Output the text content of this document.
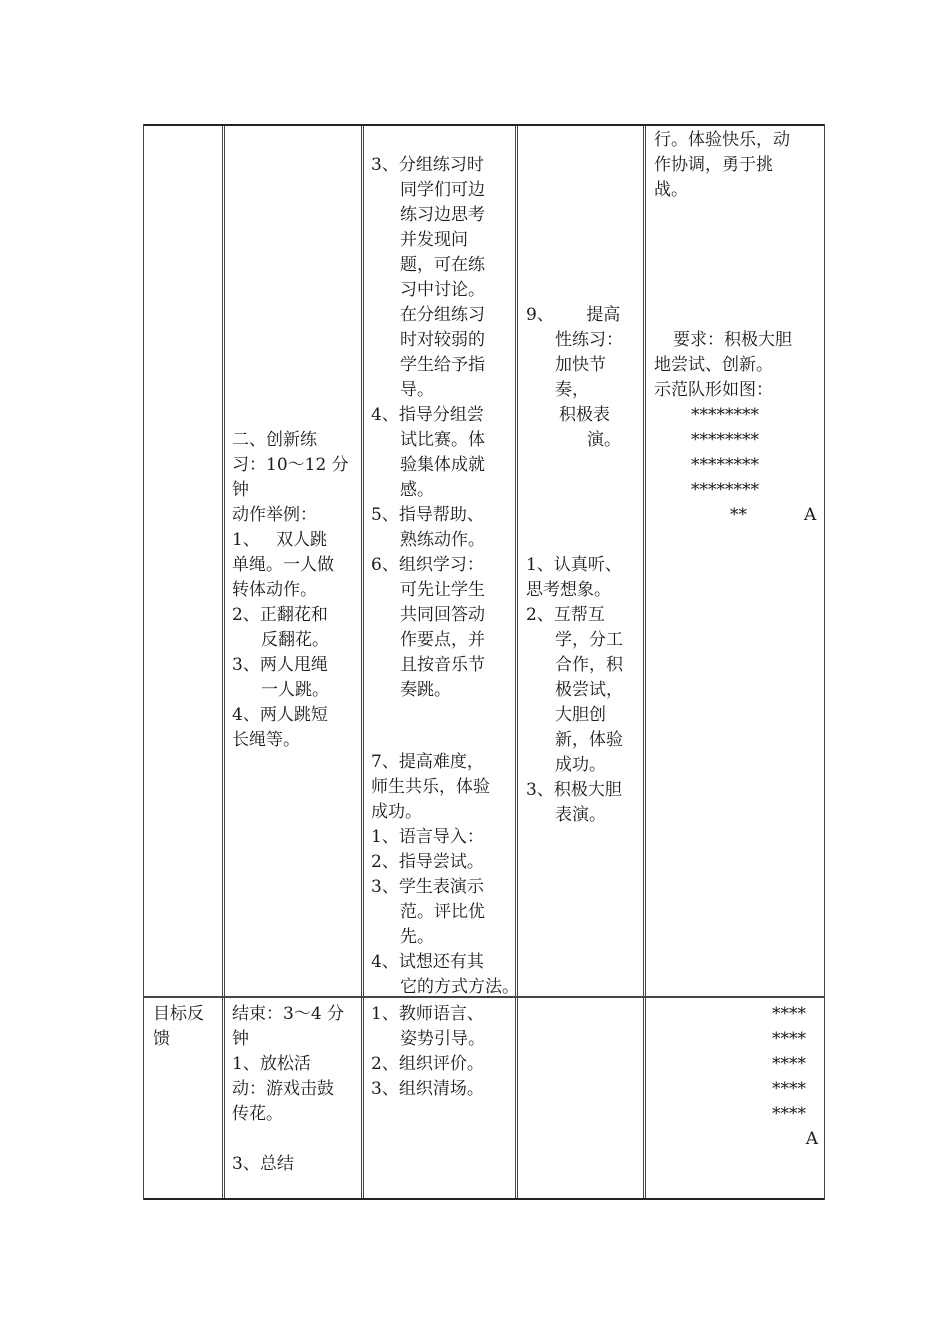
二、创新练
习：10～12 分
钟
动作举例：
1、   双人跳
单绳。一人做
转体动作。
2、正翻花和
反翻花。
3、两人甩绳
一人跳。
4、两人跳短
长绳等。
3、分组练习时
同学们可边
练习边思考
并发现问
题，可在练
习中讨论。
在分组练习
时对较弱的
学生给予指
导。
4、指导分组尝
试比赛。体
验集体成就
感。
5、指导帮助、
熟练动作。
6、组织学习：
可先让学生
共同回答动
作要点，并
且按音乐节
奏跳。
7、提高难度，
师生共乐，体验
成功。
1、语言导入：
2、指导尝试。
3、学生表演示
范。评比优
先。
4、试想还有其
它的方式方法。
9、      提高
性练习：
加快节
奏，
积极表
演。
1、认真听、
思考想象。
2、互帮互
学，分工
合作，积
极尝试，
大胆创
新，体验
成功。
3、积极大胆
表演。
行。体验快乐，动
作协调，勇于挑
战。
要求：积极大胆
地尝试、创新。
示范队形如图：
********
********
********
********
**	A
目标反
馈
结束：3～4 分
钟
1、放松活
动：游戏击鼓
传花。

3、总结
1、教师语言、
姿势引导。
2、组织评价。
3、组织清场。
****
****
****
****
****
A
